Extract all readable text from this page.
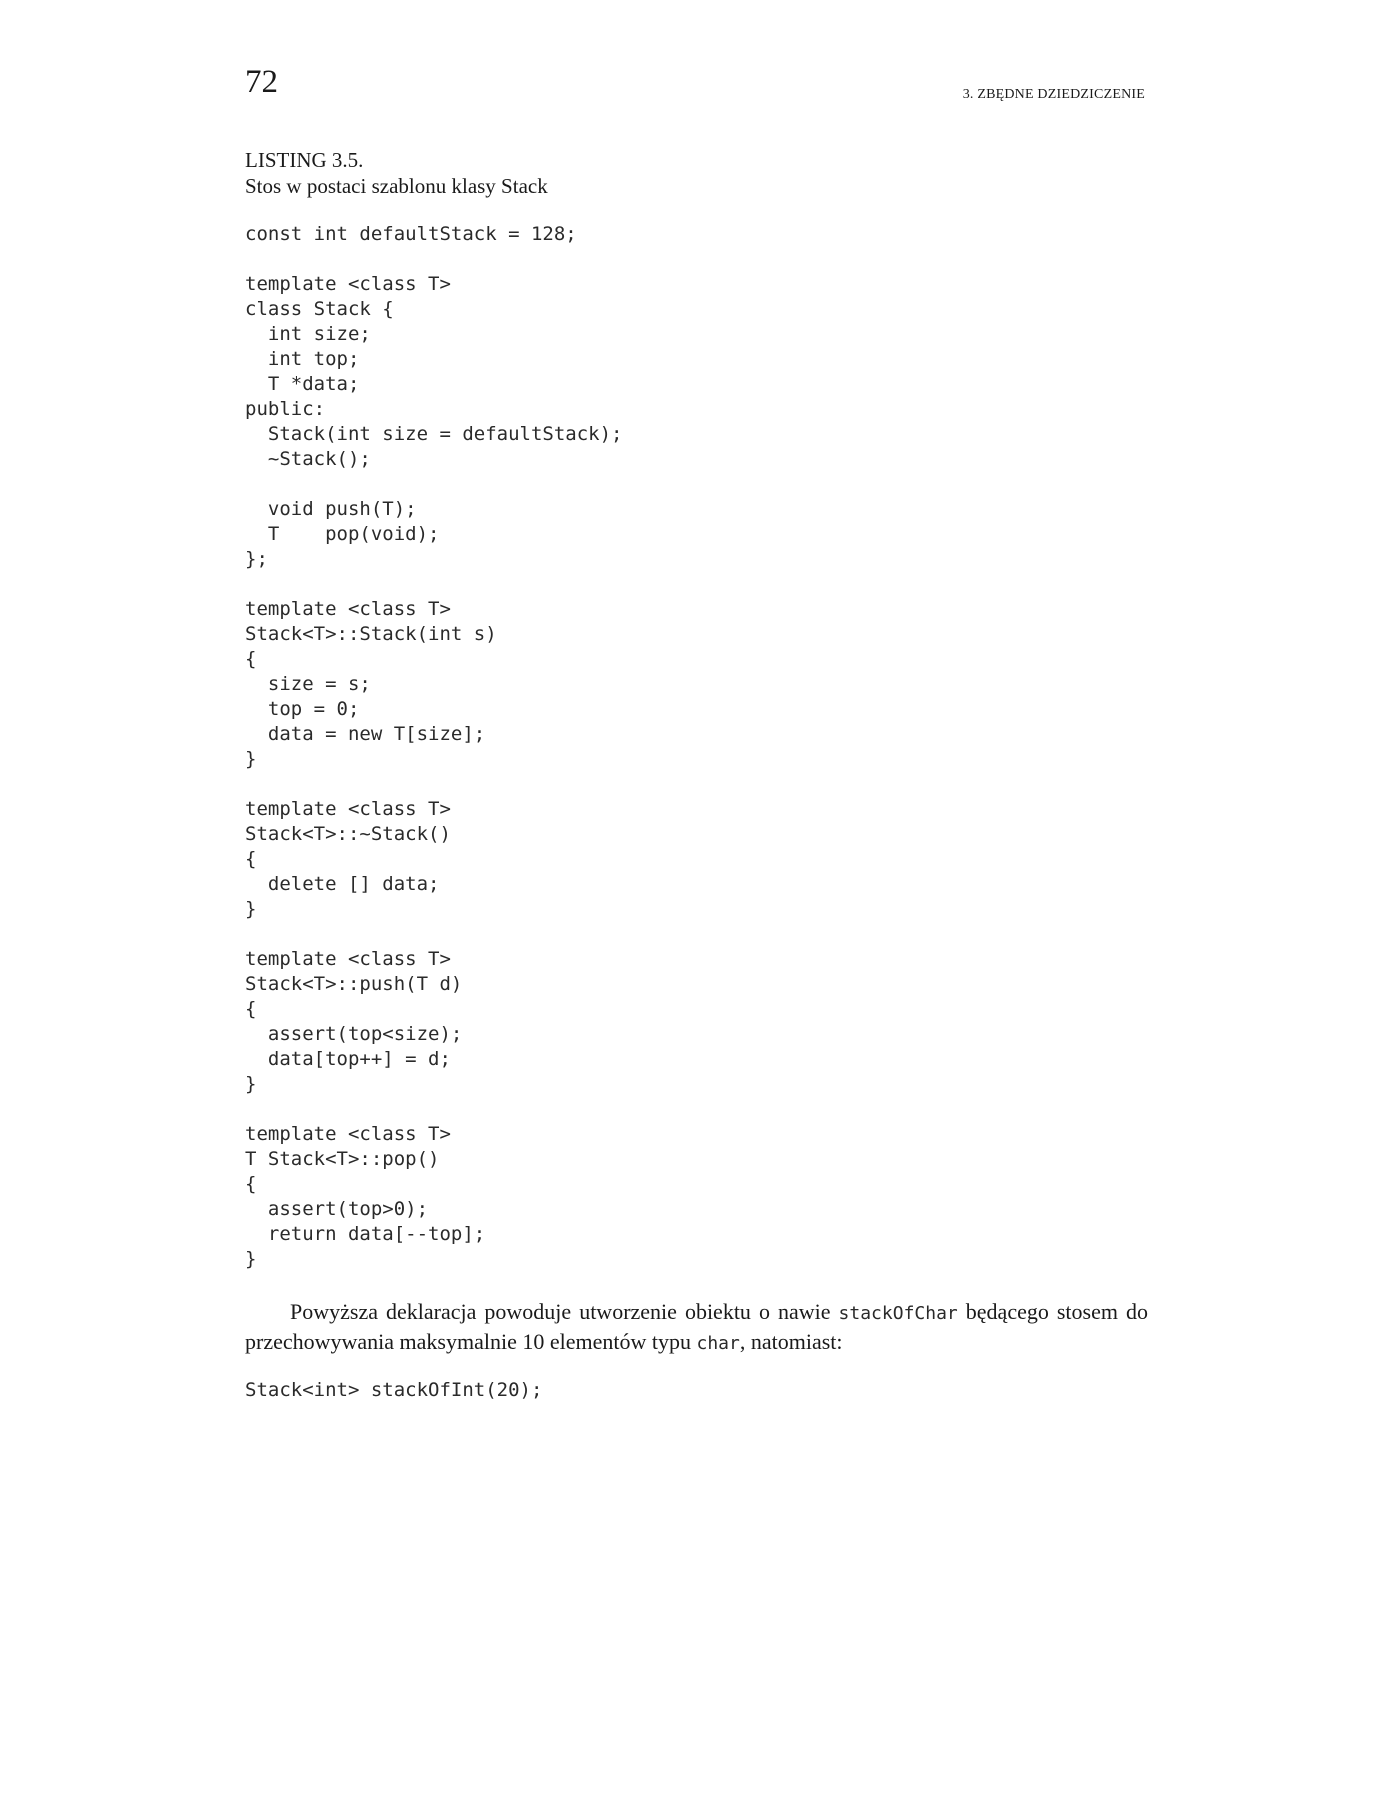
72	3. ZBĘDNE DZIEDZICZENIE
LISTING 3.5.
Stos w postaci szablonu klasy Stack
const int defaultStack = 128;

template <class T>
class Stack {
int size;
int top;
T *data;
public:
Stack(int size = defaultStack);
~Stack();

void push(T);
T    pop(void);
};

template <class T>
Stack<T>::Stack(int s)
{
size = s;
top = 0;
data = new T[size];
}

template <class T>
Stack<T>::~Stack()
{
delete [] data;
}

template <class T>
Stack<T>::push(T d)
{
assert(top<size);
data[top++] = d;
}

template <class T>
T Stack<T>::pop()
{
assert(top>0);
return data[--top];
}
Powyższa deklaracja powoduje utworzenie obiektu o nawie stackOfChar będącego stosem do przechowywania maksymalnie 10 elementów typu char, natomiast:
Stack<int> stackOfInt(20);
